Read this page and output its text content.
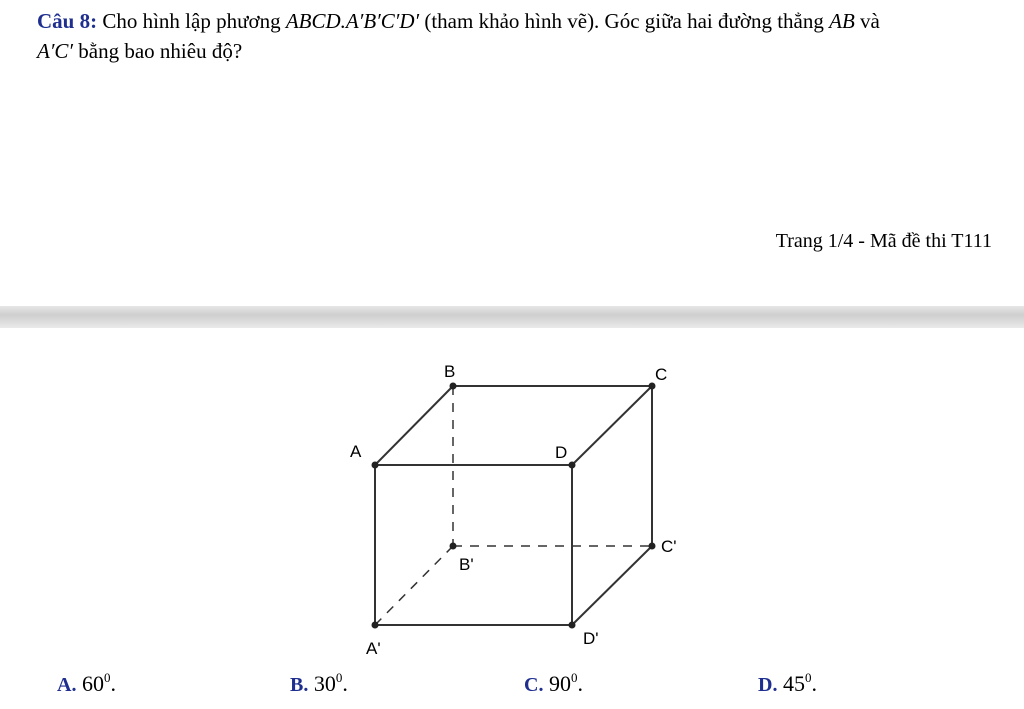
Câu 8: Cho hình lập phương ABCD.A′B′C′D′ (tham khảo hình vẽ). Góc giữa hai đường thẳng AB và
A′C′ bằng bao nhiêu độ?
Trang 1/4 - Mã đề thi T111
A
B	C
D
A'
B'
C'
D'
A. $60^0$.	B. $30^0$.	C. $90^0$.	D. $45^0$.
